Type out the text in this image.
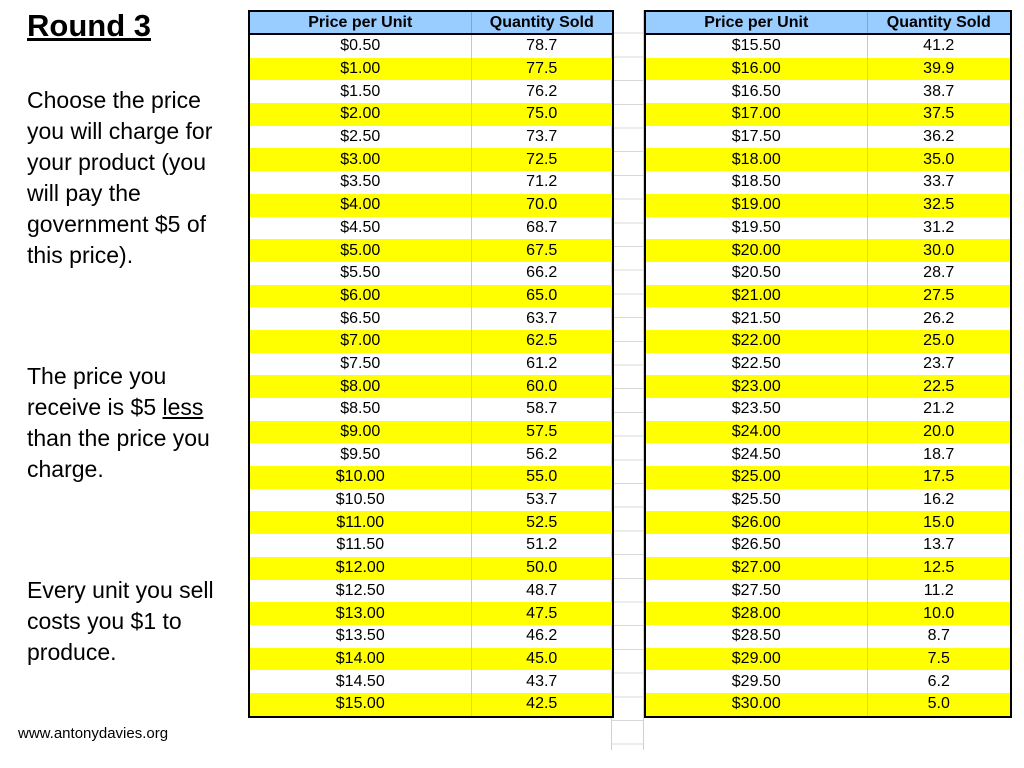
Round 3

Choose the price you will charge for your product (you will pay the government $5 of this price).

The price you receive is $5 less than the price you charge.

Every unit you sell costs you $1 to produce.

www.antonydavies.org
Price per Unit	Quantity Sold
$0.50	78.7
$1.00	77.5
$1.50	76.2
$2.00	75.0
$2.50	73.7
$3.00	72.5
$3.50	71.2
$4.00	70.0
$4.50	68.7
$5.00	67.5
$5.50	66.2
$6.00	65.0
$6.50	63.7
$7.00	62.5
$7.50	61.2
$8.00	60.0
$8.50	58.7
$9.00	57.5
$9.50	56.2
$10.00	55.0
$10.50	53.7
$11.00	52.5
$11.50	51.2
$12.00	50.0
$12.50	48.7
$13.00	47.5
$13.50	46.2
$14.00	45.0
$14.50	43.7
$15.00	42.5
Price per Unit	Quantity Sold
$15.50	41.2
$16.00	39.9
$16.50	38.7
$17.00	37.5
$17.50	36.2
$18.00	35.0
$18.50	33.7
$19.00	32.5
$19.50	31.2
$20.00	30.0
$20.50	28.7
$21.00	27.5
$21.50	26.2
$22.00	25.0
$22.50	23.7
$23.00	22.5
$23.50	21.2
$24.00	20.0
$24.50	18.7
$25.00	17.5
$25.50	16.2
$26.00	15.0
$26.50	13.7
$27.00	12.5
$27.50	11.2
$28.00	10.0
$28.50	8.7
$29.00	7.5
$29.50	6.2
$30.00	5.0
